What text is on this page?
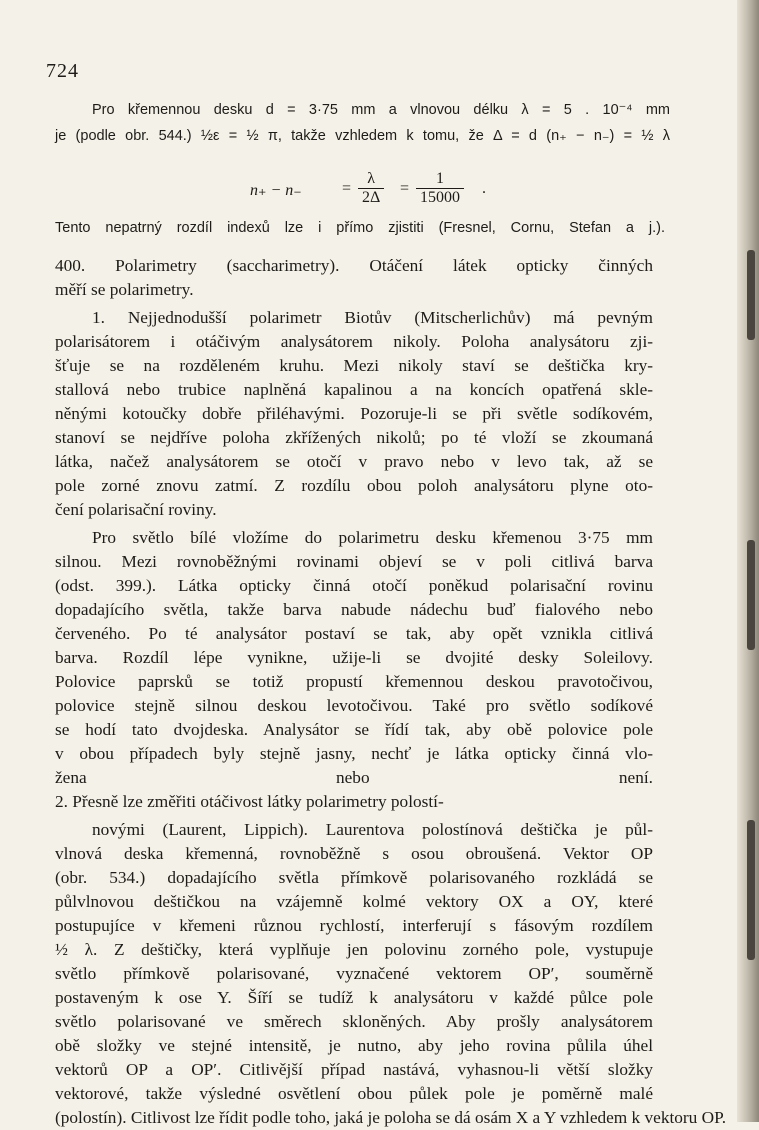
724
Pro křemennou desku d = 3·75 mm a vlnovou délku λ = 5 . 10⁻⁴ mm
je (podle obr. 544.) ½ε = ½ π, takže vzhledem k tomu, že Δ = d (n₊ − n₋) = ½ λ
n₊ − n₋	= $\frac{\lambda}{2\Delta} = \frac{1}{15000}$ .
Tento nepatrný rozdíl indexů lze i přímo zjistiti (Fresnel, Cornu, Stefan a j.).
400. Polarimetry (saccharimetry). Otáčení látek opticky činných
měří se polarimetry.
1. Nejjednodušší polarimetr Biotův (Mitscherlichův) má pevným
polarisátorem i otáčivým analysátorem nikoly. Poloha analysátoru zji-
šťuje se na rozděleném kruhu. Mezi nikoly staví se deštička kry-
stallová nebo trubice naplněná kapalinou a na koncích opatřená skle-
něnými kotoučky dobře přiléhavými. Pozoruje-li se při světle sodíkovém,
stanoví se nejdříve poloha zkřížených nikolů; po té vloží se zkoumaná
látka, načež analysátorem se otočí v pravo nebo v levo tak, až se
pole zorné znovu zatmí. Z rozdílu obou poloh analysátoru plyne oto-
čení polarisační roviny.
Pro světlo bílé vložíme do polarimetru desku křemenou 3·75 mm
silnou. Mezi rovnoběžnými rovinami objeví se v poli citlivá barva
(odst. 399.). Látka opticky činná otočí poněkud polarisační rovinu
dopadajícího světla, takže barva nabude nádechu buď fialového nebo
červeného. Po té analysátor postaví se tak, aby opět vznikla citlivá
barva. Rozdíl lépe vynikne, užije-li se dvojité desky Soleilovy.
Polovice paprsků se totiž propustí křemennou deskou pravotočivou,
polovice stejně silnou deskou levotočivou. Také pro světlo sodíkové
se hodí tato dvojdeska. Analysátor se řídí tak, aby obě polovice pole
v obou případech byly stejně jasny, nechť je látka opticky činná vlo-
žena nebo není.
2. Přesně lze změřiti otáčivost látky polarimetry polostí-
novými (Laurent, Lippich). Laurentova polostínová deštička je půl-
vlnová deska křemenná, rovnoběžně s osou obroušená. Vektor OP
(obr. 534.) dopadajícího světla přímkově polarisovaného rozkládá se
půlvlnovou deštičkou na vzájemně kolmé vektory OX a OY, které
postupujíce v křemeni různou rychlostí, interferují s fásovým rozdílem
½ λ. Z deštičky, která vyplňuje jen polovinu zorného pole, vystupuje
světlo přímkově polarisované, vyznačené vektorem OP′, souměrně
postaveným k ose Y. Šíří se tudíž k analysátoru v každé půlce pole
světlo polarisované ve směrech skloněných. Aby prošly analysátorem
obě složky ve stejné intensitě, je nutno, aby jeho rovina půlila úhel
vektorů OP a OP′. Citlivější případ nastává, vyhasnou-li větší složky
vektorové, takže výsledné osvětlení obou půlek pole je poměrně malé
(polostín). Citlivost lze řídit podle toho, jaká je poloha se dá osám X a Y vzhledem k vektoru OP.
